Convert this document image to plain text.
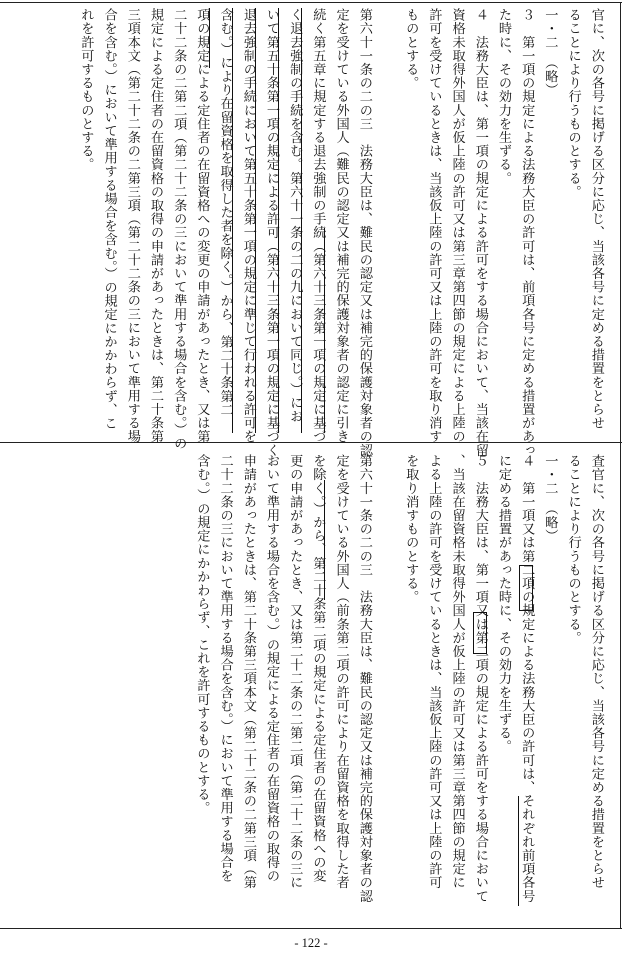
官に、次の各号に掲げる区分に応じ、当該各号に定める措置をとらせ
ることにより行うものとする。
一・二　（略）
３　第一項の規定による法務大臣の許可は、前項各号に定める措置があっ
た時に、その効力を生ずる。
４　法務大臣は、第一項の規定による許可をする場合において、当該在留
資格未取得外国人が仮上陸の許可又は第三章第四節の規定による上陸の
許可を受けているときは、当該仮上陸の許可又は上陸の許可を取り消す
ものとする。
第六十一条の二の三　法務大臣は、難民の認定又は補完的保護対象者の認
定を受けている外国人（難民の認定又は補完的保護対象者の認定に引き
続く第五章に規定する退去強制の手続（第六十三条第一項の規定に基づ
く退去強制の手続を含む。第六十一条の二の九において同じ。）にお
いて第五十条第一項の規定による許可（第六十三条第一項の規定に基づく
退去強制の手続において第五十条第一項の規定に準じて行われる許可を
含む。）により在留資格を取得した者を除く。）から、第二十条第二
項の規定による定住者の在留資格への変更の申請があったとき、又は第
二十二条の二第二項（第二十二条の三において準用する場合を含む。）の
規定による定住者の在留資格の取得の申請があったときは、第二十条第
三項本文（第二十二条の二第三項（第二十二条の三において準用する場
合を含む。）において準用する場合を含む。）の規定にかかわらず、こ
れを許可するものとする。
査官に、次の各号に掲げる区分に応じ、当該各号に定める措置をとらせ
ることにより行うものとする。
一・二　（略）
４　第一項又は第二項の規定による法務大臣の許可は、それぞれ前項各号
に定める措置があった時に、その効力を生ずる。
５　法務大臣は、第一項又は第二項の規定による許可をする場合において
、当該在留資格未取得外国人が仮上陸の許可又は第三章第四節の規定に
よる上陸の許可を受けているときは、当該仮上陸の許可又は上陸の許可
を取り消すものとする。
第六十一条の二の三　法務大臣は、難民の認定又は補完的保護対象者の認
定を受けている外国人（前条第二項の許可により在留資格を取得した者
を除く。）から、第二十条第二項の規定による定住者の在留資格への変
更の申請があったとき、又は第二十二条の二第二項（第二十二条の三に
おいて準用する場合を含む。）の規定による定住者の在留資格の取得の
申請があったときは、第二十条第三項本文（第二十二条の二第三項（第
二十二条の三において準用する場合を含む。）において準用する場合を
含む。）の規定にかかわらず、これを許可するものとする。
- 122 -
